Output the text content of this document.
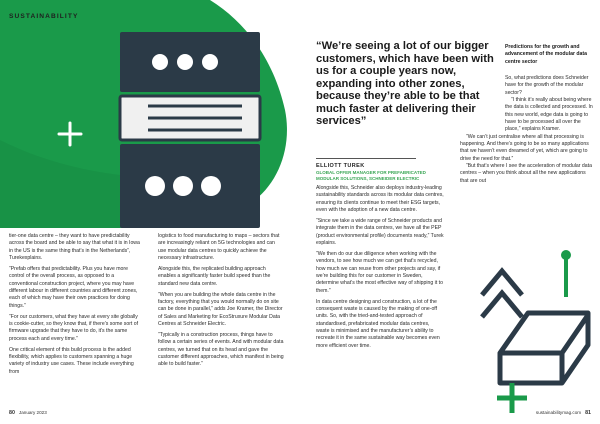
SUSTAINABILITY

tier-one data centre – they want to have predictability across the board and be able to say that what it is in Iowa in the US is the same thing that’s in the Netherlands”, Turekexplains.

“Prefab offers that predictability. Plus you have more control of the overall process, as opposed to a conventional construction project, where you may have different labour in different countries and different zones, each of which may have their own practices for doing things.”

“For our customers, what they have at every site globally is cookie-cutter, so they know that, if there’s some sort of firmware upgrade that they have to do, it’s the same process each and every time.”

One critical element of this build process is the added flexibility, which applies to customers spanning a huge variety of industry use cases. These include everything from

logistics to food manufacturing to maps – sectors that are increasingly reliant on 5G technologies and can use modular data centres to quickly achieve the necessary infrastructure.

Alongside this, the replicated building approach enables a significantly faster build speed than the standard new data centre.

“When you are building the whole data centre in the factory, everything that you would normally do on site can be done in parallel,” adds Joe Kramer, the Director of Sales and Marketing for EcoStruxure Modular Data Centres at Schneider Electric.

“Typically in a construction process, things have to follow a certain series of events. And with modular data centres, we turned that on its head and gave the customer different approaches, which manifest in being able to build faster.”

“We’re seeing a lot of our bigger customers, which have been with us for a couple years now, expanding into other zones, because they’re able to be that much faster at delivering their services”
ELLIOTT TUREK
GLOBAL OFFER MANAGER FOR PREFABRICATED MODULAR SOLUTIONS, SCHNEIDER ELECTRIC

Alongside this, Schneider also deploys industry-leading sustainability standards across its modular data centres, ensuring its clients continue to meet their ESG targets, even with the adoption of a new data centre.

“Since we take a wide range of Schneider products and integrate them in the data centres, we have all the PEP (product environmental profile) documents ready,” Turek explains.

“We then do our due diligence when working with the vendors, to see how much we can get that’s recycled, how much we can reuse from other projects and say, if we’re building this for our customer in Sweden, determine what’s the most effective way of shipping it to them.”

In data centre designing and construction, a lot of the consequent waste is caused by the making of one-off units. So, with the tried-and-tested approach of standardised, prefabricated modular data centres, waste is minimised and the manufacturer’s ability to recreate it in the same sustainable way becomes even more efficient over time.

Predictions for the growth and advancement of the modular data centre sector

So, what predictions does Schneider have for the growth of the modular sector?

“I think it’s really about being where the data is collected and processed. In this new world, edge data is going to have to be processed all over the place,” explains Kramer.

“We can’t just centralise where all that processing is happening. And there’s going to be so many applications that we haven’t even dreamed of yet, which are going to drive the need for that.”

“But that’s where I see the acceleration of modular data centres – when you think about all the new applications that are out

80 January 2023	sustainabilitymag.com 81
